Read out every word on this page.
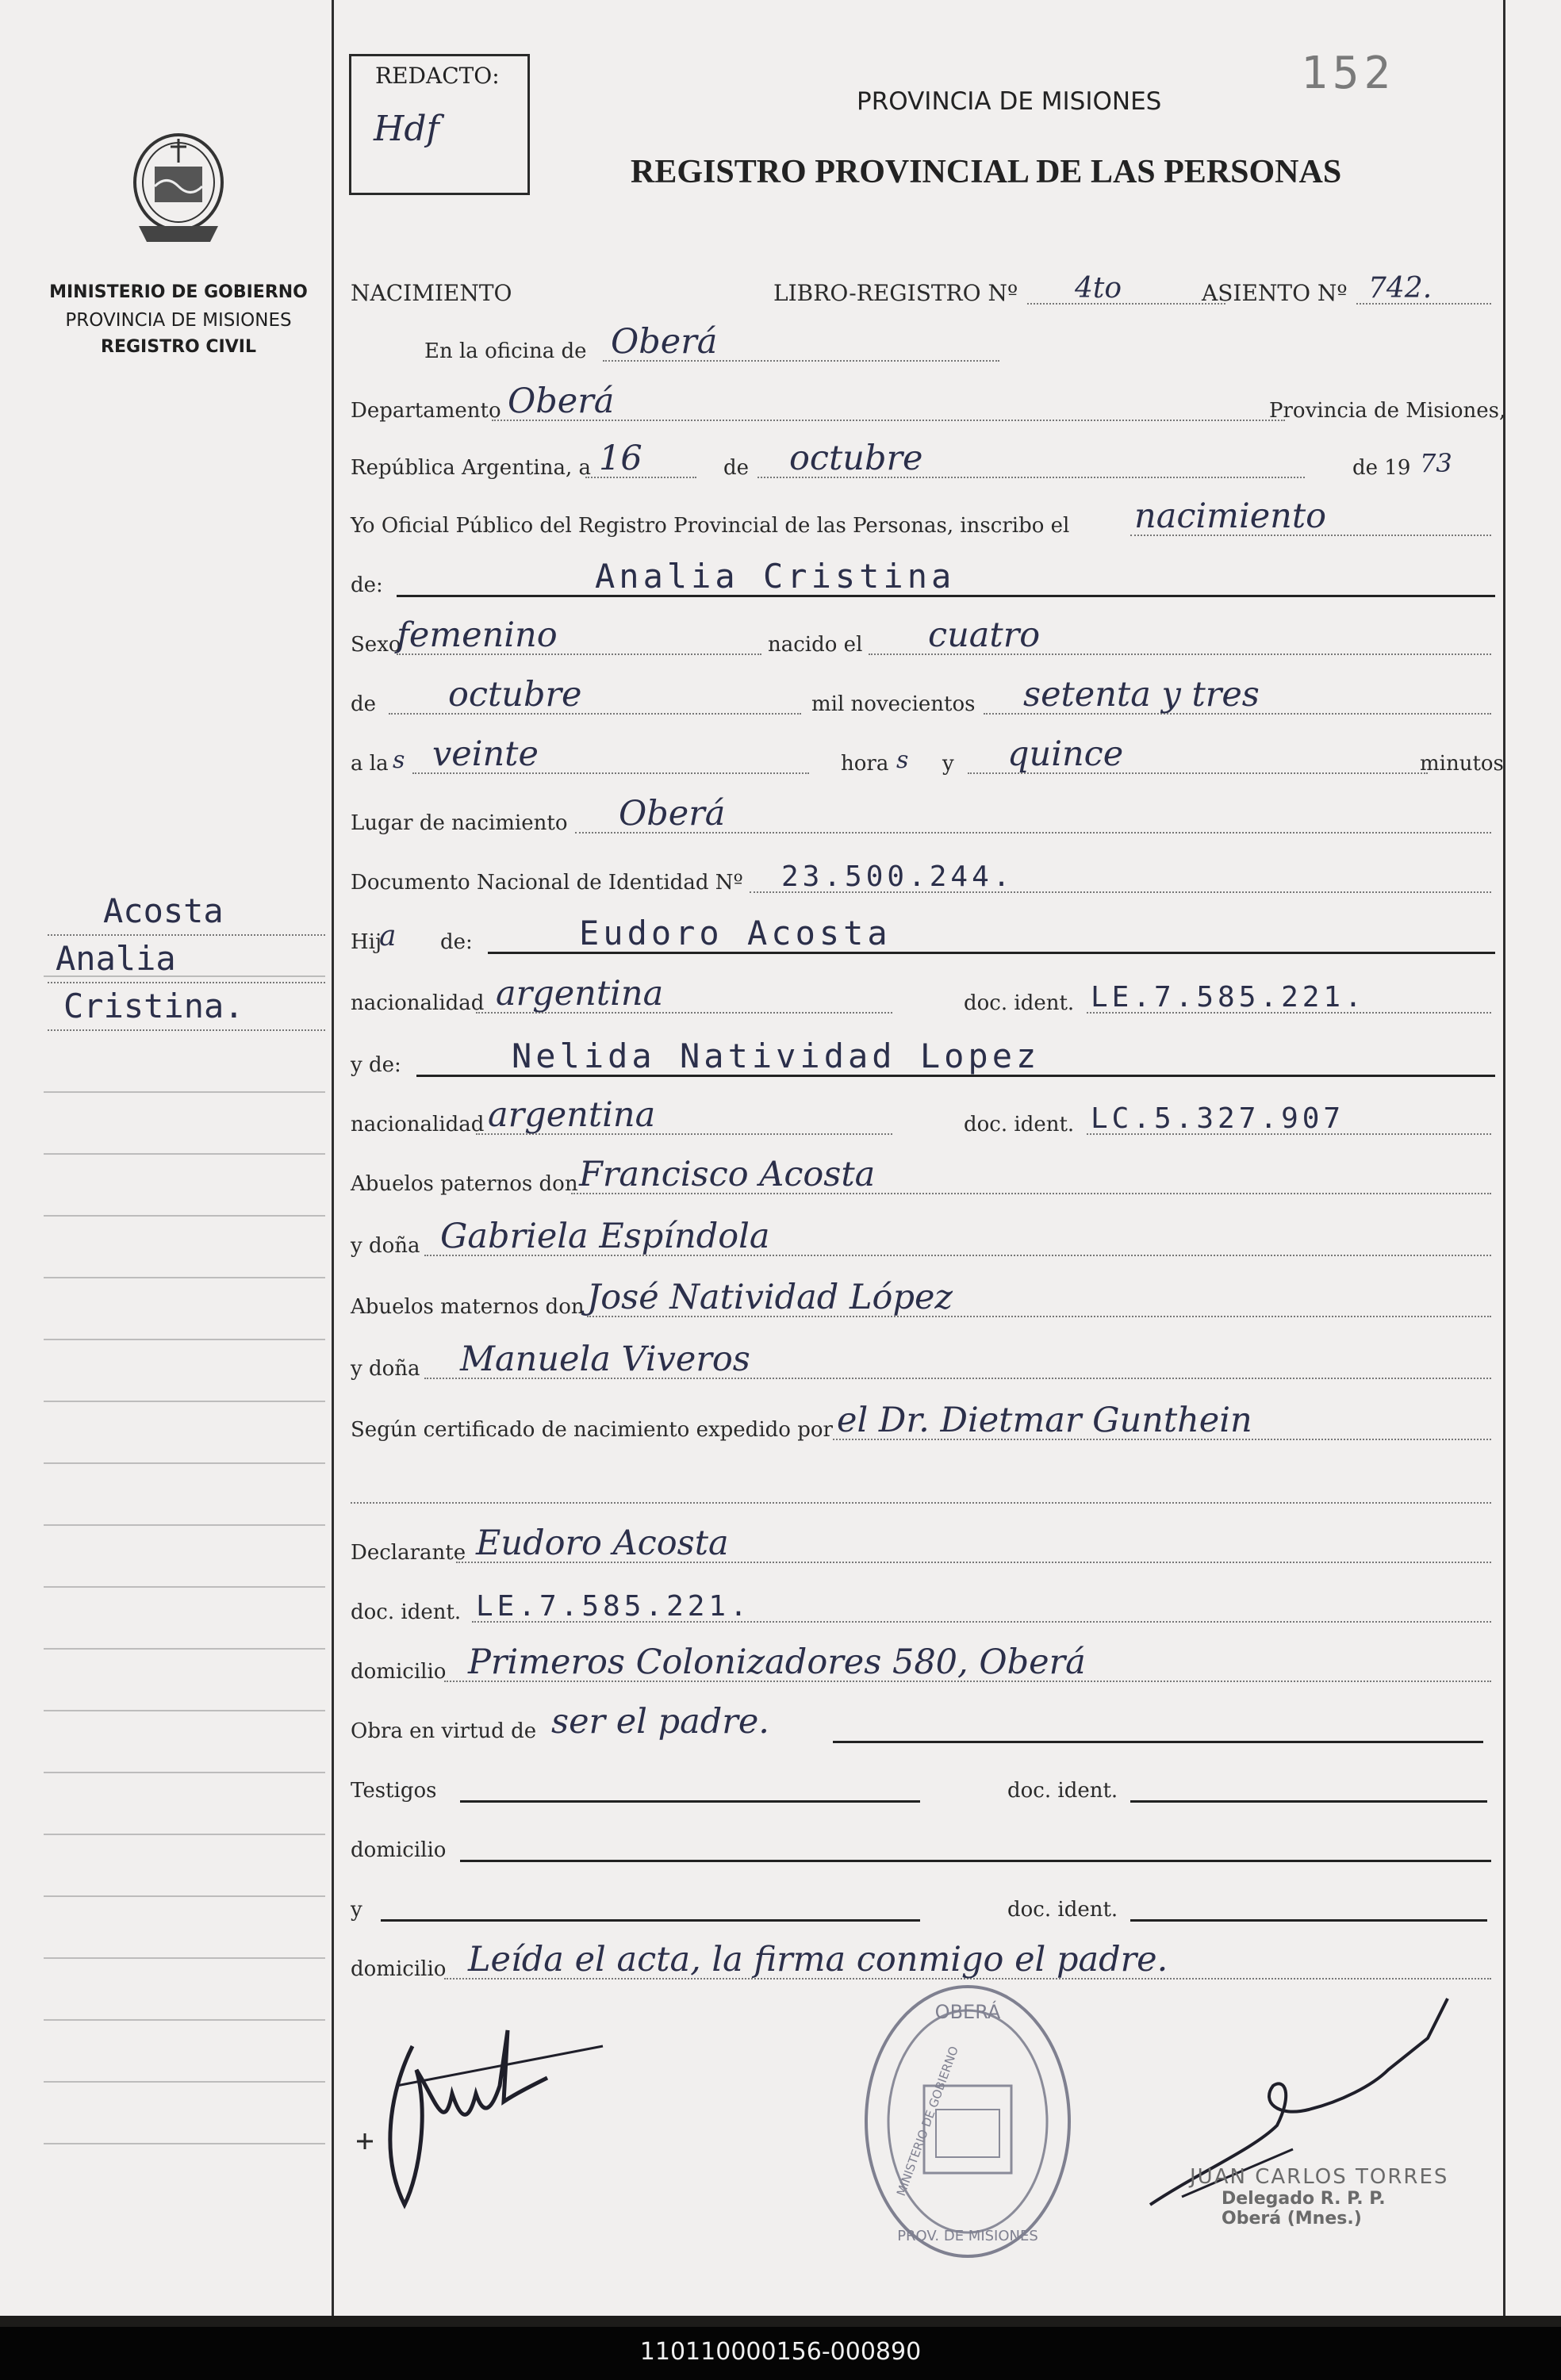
MINISTERIO DE GOBIERNO
PROVINCIA DE MISIONES
REGISTRO CIVIL
Acosta
Analia
Cristina.
REDACTO:
Hdf
152
PROVINCIA DE MISIONES
REGISTRO PROVINCIAL DE LAS PERSONAS
NACIMIENTO	LIBRO-REGISTRO Nº 4to	ASIENTO Nº 742.
En la oficina de Oberá
Departamento Oberá	Provincia de Misiones,
República Argentina, a 16	de octubre	de 19 73
Yo Oficial Público del Registro Provincial de las Personas, inscribo el nacimiento
de:	Analia Cristina
Sexo
femenino	nacido el cuatro
de octubre	mil novecientos setenta y tres
a la s veinte	hora s y quince	minutos
Lugar de nacimiento Oberá
Documento Nacional de Identidad Nº 23.500.244.
Hij
a de:	Eudoro Acosta
nacionalidad argentina	doc. ident. LE.7.585.221.
y de:	Nelida Natividad Lopez
nacionalidad argentina	doc. ident. LC.5.327.907
Abuelos paternos don Francisco Acosta
y doña Gabriela Espíndola
Abuelos maternos don José Natividad López
y doña Manuela Viveros
Según certificado de nacimiento expedido por el Dr. Dietmar Gunthein
Declarante Eudoro Acosta
doc. ident. LE.7.585.221.
domicilio Primeros Colonizadores 580, Oberá
Obra en virtud de ser el padre.
Testigos	doc. ident.
domicilio
y	doc. ident.
domicilio Leída el acta, la firma conmigo el padre.
OBERÁ
PROV. DE MISIONES
MINISTERIO DE GOBIERNO	JUAN CARLOS TORRES
Delegado R. P. P.
Oberá (Mnes.)
110110000156-000890
